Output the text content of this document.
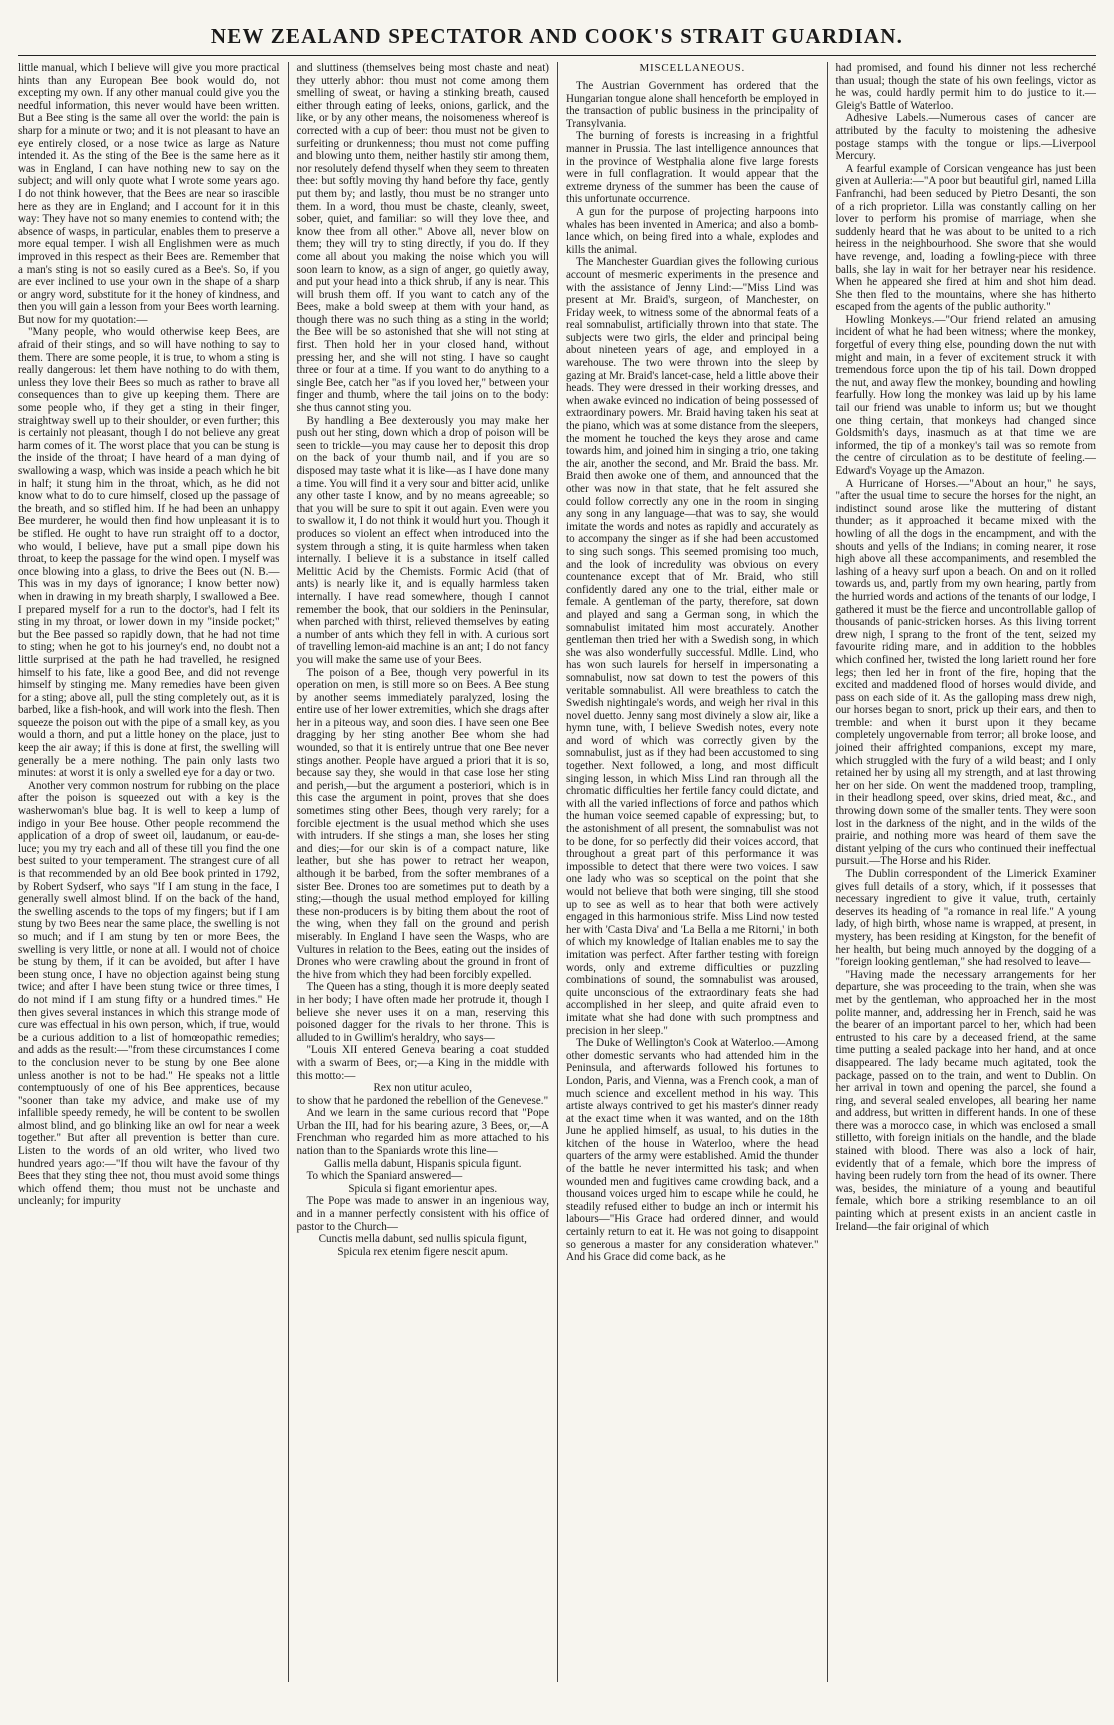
NEW ZEALAND SPECTATOR AND COOK'S STRAIT GUARDIAN.

little manual, which I believe will give you more practical hints than any European Bee book would do, not excepting my own. If any other manual could give you the needful information, this never would have been written. But a Bee sting is the same all over the world: the pain is sharp for a minute or two; and it is not pleasant to have an eye entirely closed, or a nose twice as large as Nature intended it. As the sting of the Bee is the same here as it was in England, I can have nothing new to say on the subject; and will only quote what I wrote some years ago. I do not think however, that the Bees are near so irascible here as they are in England; and I account for it in this way: They have not so many enemies to contend with; the absence of wasps, in particular, enables them to preserve a more equal temper. I wish all Englishmen were as much improved in this respect as their Bees are. Remember that a man's sting is not so easily cured as a Bee's. So, if you are ever inclined to use your own in the shape of a sharp or angry word, substitute for it the honey of kindness, and then you will gain a lesson from your Bees worth learning. But now for my quotation:—

"Many people, who would otherwise keep Bees, are afraid of their stings, and so will have nothing to say to them. There are some people, it is true, to whom a sting is really dangerous: let them have nothing to do with them, unless they love their Bees so much as rather to brave all consequences than to give up keeping them. There are some people who, if they get a sting in their finger, straightway swell up to their shoulder, or even further; this is certainly not pleasant, though I do not believe any great harm comes of it. The worst place that you can be stung is the inside of the throat; I have heard of a man dying of swallowing a wasp, which was inside a peach which he bit in half; it stung him in the throat, which, as he did not know what to do to cure himself, closed up the passage of the breath, and so stifled him. If he had been an unhappy Bee murderer, he would then find how unpleasant it is to be stifled. He ought to have run straight off to a doctor, who would, I believe, have put a small pipe down his throat, to keep the passage for the wind open. I myself was once blowing into a glass, to drive the Bees out (N. B.—This was in my days of ignorance; I know better now) when in drawing in my breath sharply, I swallowed a Bee. I prepared myself for a run to the doctor's, had I felt its sting in my throat, or lower down in my "inside pocket;" but the Bee passed so rapidly down, that he had not time to sting; when he got to his journey's end, no doubt not a little surprised at the path he had travelled, he resigned himself to his fate, like a good Bee, and did not revenge himself by stinging me. Many remedies have been given for a sting; above all, pull the sting completely out, as it is barbed, like a fish-hook, and will work into the flesh. Then squeeze the poison out with the pipe of a small key, as you would a thorn, and put a little honey on the place, just to keep the air away; if this is done at first, the swelling will generally be a mere nothing. The pain only lasts two minutes: at worst it is only a swelled eye for a day or two.

Another very common nostrum for rubbing on the place after the poison is squeezed out with a key is the washerwoman's blue bag. It is well to keep a lump of indigo in your Bee house. Other people recommend the application of a drop of sweet oil, laudanum, or eau-de-luce; you my try each and all of these till you find the one best suited to your temperament. The strangest cure of all is that recommended by an old Bee book printed in 1792, by Robert Sydserf, who says "If I am stung in the face, I generally swell almost blind. If on the back of the hand, the swelling ascends to the tops of my fingers; but if I am stung by two Bees near the same place, the swelling is not so much; and if I am stung by ten or more Bees, the swelling is very little, or none at all. I would not of choice be stung by them, if it can be avoided, but after I have been stung once, I have no objection against being stung twice; and after I have been stung twice or three times, I do not mind if I am stung fifty or a hundred times." He then gives several instances in which this strange mode of cure was effectual in his own person, which, if true, would be a curious addition to a list of homœopathic remedies; and adds as the result:—"from these circumstances I come to the conclusion never to be stung by one Bee alone unless another is not to be had." He speaks not a little contemptuously of one of his Bee apprentices, because "sooner than take my advice, and make use of my infallible speedy remedy, he will be content to be swollen almost blind, and go blinking like an owl for near a week together." But after all prevention is better than cure. Listen to the words of an old writer, who lived two hundred years ago:—"If thou wilt have the favour of thy Bees that they sting thee not, thou must avoid some things which offend them; thou must not be unchaste and uncleanly; for impurity

and sluttiness (themselves being most chaste and neat) they utterly abhor: thou must not come among them smelling of sweat, or having a stinking breath, caused either through eating of leeks, onions, garlick, and the like, or by any other means, the noisomeness whereof is corrected with a cup of beer: thou must not be given to surfeiting or drunkenness; thou must not come puffing and blowing unto them, neither hastily stir among them, nor resolutely defend thyself when they seem to threaten thee: but softly moving thy hand before thy face, gently put them by; and lastly, thou must be no stranger unto them. In a word, thou must be chaste, cleanly, sweet, sober, quiet, and familiar: so will they love thee, and know thee from all other." Above all, never blow on them; they will try to sting directly, if you do. If they come all about you making the noise which you will soon learn to know, as a sign of anger, go quietly away, and put your head into a thick shrub, if any is near. This will brush them off. If you want to catch any of the Bees, make a bold sweep at them with your hand, as though there was no such thing as a sting in the world; the Bee will be so astonished that she will not sting at first. Then hold her in your closed hand, without pressing her, and she will not sting. I have so caught three or four at a time. If you want to do anything to a single Bee, catch her "as if you loved her," between your finger and thumb, where the tail joins on to the body: she thus cannot sting you.

By handling a Bee dexterously you may make her push out her sting, down which a drop of poison will be seen to trickle—you may cause her to deposit this drop on the back of your thumb nail, and if you are so disposed may taste what it is like—as I have done many a time. You will find it a very sour and bitter acid, unlike any other taste I know, and by no means agreeable; so that you will be sure to spit it out again. Even were you to swallow it, I do not think it would hurt you. Though it produces so violent an effect when introduced into the system through a sting, it is quite harmless when taken internally. I believe it is a substance in itself called Melittic Acid by the Chemists. Formic Acid (that of ants) is nearly like it, and is equally harmless taken internally. I have read somewhere, though I cannot remember the book, that our soldiers in the Peninsular, when parched with thirst, relieved themselves by eating a number of ants which they fell in with. A curious sort of travelling lemon-aid machine is an ant; I do not fancy you will make the same use of your Bees.

The poison of a Bee, though very powerful in its operation on men, is still more so on Bees. A Bee stung by another seems immediately paralyzed, losing the entire use of her lower extremities, which she drags after her in a piteous way, and soon dies. I have seen one Bee dragging by her sting another Bee whom she had wounded, so that it is entirely untrue that one Bee never stings another. People have argued a priori that it is so, because say they, she would in that case lose her sting and perish,—but the argument a posteriori, which is in this case the argument in point, proves that she does sometimes sting other Bees, though very rarely; for a forcible ejectment is the usual method which she uses with intruders. If she stings a man, she loses her sting and dies;—for our skin is of a compact nature, like leather, but she has power to retract her weapon, although it be barbed, from the softer membranes of a sister Bee. Drones too are sometimes put to death by a sting;—though the usual method employed for killing these non-producers is by biting them about the root of the wing, when they fall on the ground and perish miserably. In England I have seen the Wasps, who are Vultures in relation to the Bees, eating out the insides of Drones who were crawling about the ground in front of the hive from which they had been forcibly expelled.

The Queen has a sting, though it is more deeply seated in her body; I have often made her protrude it, though I believe she never uses it on a man, reserving this poisoned dagger for the rivals to her throne. This is alluded to in Gwillim's heraldry, who says—

"Louis XII entered Geneva bearing a coat studded with a swarm of Bees, or;—a King in the middle with this motto:—

Rex non utitur aculeo,

to show that he pardoned the rebellion of the Genevese."

And we learn in the same curious record that "Pope Urban the III, had for his bearing azure, 3 Bees, or,—A Frenchman who regarded him as more attached to his nation than to the Spaniards wrote this line—

Gallis mella dabunt, Hispanis spicula figunt.

To which the Spaniard answered—

Spicula si figant emorientur apes.

The Pope was made to answer in an ingenious way, and in a manner perfectly consistent with his office of pastor to the Church—

Cunctis mella dabunt, sed nullis spicula figunt,

Spicula rex etenim figere nescit apum.

MISCELLANEOUS.

The Austrian Government has ordered that the Hungarian tongue alone shall henceforth be employed in the transaction of public business in the principality of Transylvania.

The burning of forests is increasing in a frightful manner in Prussia. The last intelligence announces that in the province of Westphalia alone five large forests were in full conflagration. It would appear that the extreme dryness of the summer has been the cause of this unfortunate occurrence.

A gun for the purpose of projecting harpoons into whales has been invented in America; and also a bomb-lance which, on being fired into a whale, explodes and kills the animal.

The Manchester Guardian gives the following curious account of mesmeric experiments in the presence and with the assistance of Jenny Lind:—"Miss Lind was present at Mr. Braid's, surgeon, of Manchester, on Friday week, to witness some of the abnormal feats of a real somnabulist, artificially thrown into that state. The subjects were two girls, the elder and principal being about nineteen years of age, and employed in a warehouse. The two were thrown into the sleep by gazing at Mr. Braid's lancet-case, held a little above their heads. They were dressed in their working dresses, and when awake evinced no indication of being possessed of extraordinary powers. Mr. Braid having taken his seat at the piano, which was at some distance from the sleepers, the moment he touched the keys they arose and came towards him, and joined him in singing a trio, one taking the air, another the second, and Mr. Braid the bass. Mr. Braid then awoke one of them, and announced that the other was now in that state, that he felt assured she could follow correctly any one in the room in singing any song in any language—that was to say, she would imitate the words and notes as rapidly and accurately as to accompany the singer as if she had been accustomed to sing such songs. This seemed promising too much, and the look of incredulity was obvious on every countenance except that of Mr. Braid, who still confidently dared any one to the trial, either male or female. A gentleman of the party, therefore, sat down and played and sang a German song, in which the somnabulist imitated him most accurately. Another gentleman then tried her with a Swedish song, in which she was also wonderfully successful. Mdlle. Lind, who has won such laurels for herself in impersonating a somnabulist, now sat down to test the powers of this veritable somnabulist. All were breathless to catch the Swedish nightingale's words, and weigh her rival in this novel duetto. Jenny sang most divinely a slow air, like a hymn tune, with, I believe Swedish notes, every note and word of which was correctly given by the somnabulist, just as if they had been accustomed to sing together. Next followed, a long, and most difficult singing lesson, in which Miss Lind ran through all the chromatic difficulties her fertile fancy could dictate, and with all the varied inflections of force and pathos which the human voice seemed capable of expressing; but, to the astonishment of all present, the somnabulist was not to be done, for so perfectly did their voices accord, that throughout a great part of this performance it was impossible to detect that there were two voices. I saw one lady who was so sceptical on the point that she would not believe that both were singing, till she stood up to see as well as to hear that both were actively engaged in this harmonious strife. Miss Lind now tested her with 'Casta Diva' and 'La Bella a me Ritorni,' in both of which my knowledge of Italian enables me to say the imitation was perfect. After farther testing with foreign words, only and extreme difficulties or puzzling combinations of sound, the somnabulist was aroused, quite unconscious of the extraordinary feats she had accomplished in her sleep, and quite afraid even to imitate what she had done with such promptness and precision in her sleep."

The Duke of Wellington's Cook at Waterloo.—Among other domestic servants who had attended him in the Peninsula, and afterwards followed his fortunes to London, Paris, and Vienna, was a French cook, a man of much science and excellent method in his way. This artiste always contrived to get his master's dinner ready at the exact time when it was wanted, and on the 18th June he applied himself, as usual, to his duties in the kitchen of the house in Waterloo, where the head quarters of the army were established. Amid the thunder of the battle he never intermitted his task; and when wounded men and fugitives came crowding back, and a thousand voices urged him to escape while he could, he steadily refused either to budge an inch or intermit his labours—"His Grace had ordered dinner, and would certainly return to eat it. He was not going to disappoint so generous a master for any consideration whatever." And his Grace did come back, as he

had promised, and found his dinner not less recherché than usual; though the state of his own feelings, victor as he was, could hardly permit him to do justice to it.—Gleig's Battle of Waterloo.

Adhesive Labels.—Numerous cases of cancer are attributed by the faculty to moistening the adhesive postage stamps with the tongue or lips.—Liverpool Mercury.

A fearful example of Corsican vengeance has just been given at Aulleria:—"A poor but beautiful girl, named Lilla Fanfranchi, had been seduced by Pietro Desanti, the son of a rich proprietor. Lilla was constantly calling on her lover to perform his promise of marriage, when she suddenly heard that he was about to be united to a rich heiress in the neighbourhood. She swore that she would have revenge, and, loading a fowling-piece with three balls, she lay in wait for her betrayer near his residence. When he appeared she fired at him and shot him dead. She then fled to the mountains, where she has hitherto escaped from the agents of the public authority."

Howling Monkeys.—"Our friend related an amusing incident of what he had been witness; where the monkey, forgetful of every thing else, pounding down the nut with might and main, in a fever of excitement struck it with tremendous force upon the tip of his tail. Down dropped the nut, and away flew the monkey, bounding and howling fearfully. How long the monkey was laid up by his lame tail our friend was unable to inform us; but we thought one thing certain, that monkeys had changed since Goldsmith's days, inasmuch as at that time we are informed, the tip of a monkey's tail was so remote from the centre of circulation as to be destitute of feeling.—Edward's Voyage up the Amazon.

A Hurricane of Horses.—"About an hour," he says, "after the usual time to secure the horses for the night, an indistinct sound arose like the muttering of distant thunder; as it approached it became mixed with the howling of all the dogs in the encampment, and with the shouts and yells of the Indians; in coming nearer, it rose high above all these accompaniments, and resembled the lashing of a heavy surf upon a beach. On and on it rolled towards us, and, partly from my own hearing, partly from the hurried words and actions of the tenants of our lodge, I gathered it must be the fierce and uncontrollable gallop of thousands of panic-stricken horses. As this living torrent drew nigh, I sprang to the front of the tent, seized my favourite riding mare, and in addition to the hobbles which confined her, twisted the long lariett round her fore legs; then led her in front of the fire, hoping that the excited and maddened flood of horses would divide, and pass on each side of it. As the galloping mass drew nigh, our horses began to snort, prick up their ears, and then to tremble: and when it burst upon it they became completely ungovernable from terror; all broke loose, and joined their affrighted companions, except my mare, which struggled with the fury of a wild beast; and I only retained her by using all my strength, and at last throwing her on her side. On went the maddened troop, trampling, in their headlong speed, over skins, dried meat, &c., and throwing down some of the smaller tents. They were soon lost in the darkness of the night, and in the wilds of the prairie, and nothing more was heard of them save the distant yelping of the curs who continued their ineffectual pursuit.—The Horse and his Rider.

The Dublin correspondent of the Limerick Examiner gives full details of a story, which, if it possesses that necessary ingredient to give it value, truth, certainly deserves its heading of "a romance in real life." A young lady, of high birth, whose name is wrapped, at present, in mystery, has been residing at Kingston, for the benefit of her health, but being much annoyed by the dogging of a "foreign looking gentleman," she had resolved to leave—

"Having made the necessary arrangements for her departure, she was proceeding to the train, when she was met by the gentleman, who approached her in the most polite manner, and, addressing her in French, said he was the bearer of an important parcel to her, which had been entrusted to his care by a deceased friend, at the same time putting a sealed package into her hand, and at once disappeared. The lady became much agitated, took the package, passed on to the train, and went to Dublin. On her arrival in town and opening the parcel, she found a ring, and several sealed envelopes, all bearing her name and address, but written in different hands. In one of these there was a morocco case, in which was enclosed a small stilletto, with foreign initials on the handle, and the blade stained with blood. There was also a lock of hair, evidently that of a female, which bore the impress of having been rudely torn from the head of its owner. There was, besides, the miniature of a young and beautiful female, which bore a striking resemblance to an oil painting which at present exists in an ancient castle in Ireland—the fair original of which
